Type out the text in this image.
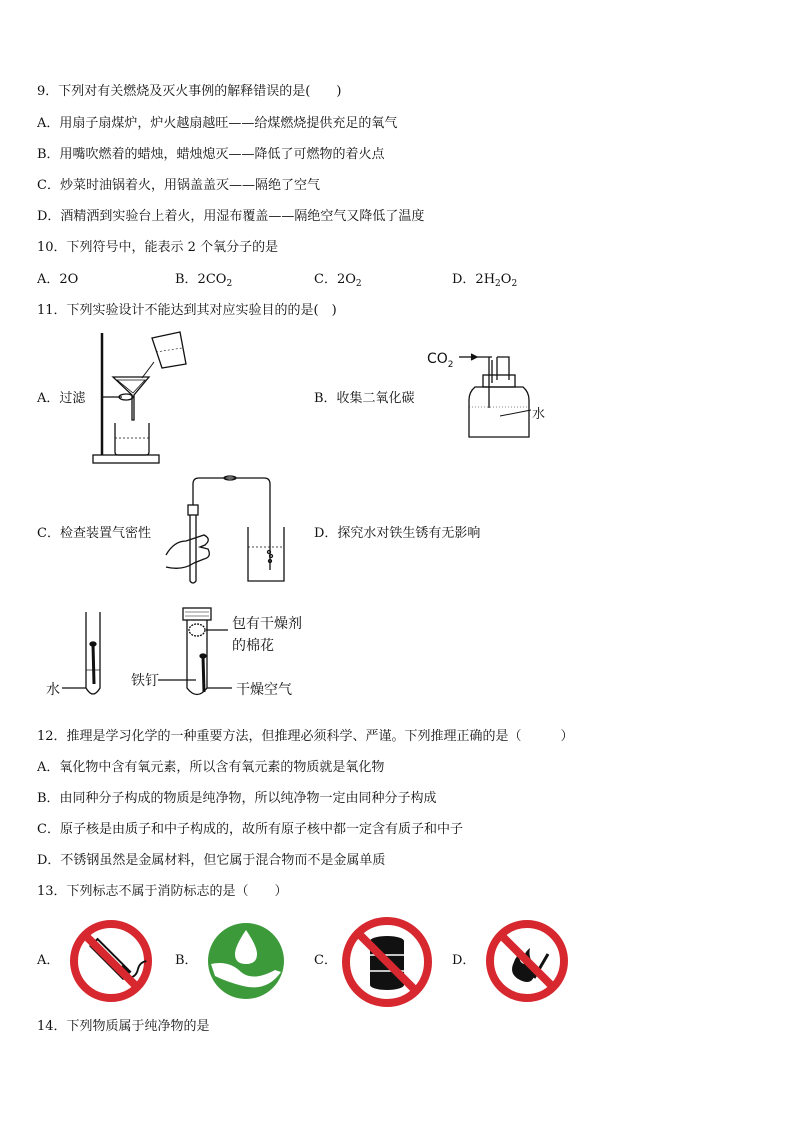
9．下列对有关燃烧及灭火事例的解释错误的是(　　)
A．用扇子扇煤炉，炉火越扇越旺——给煤燃烧提供充足的氧气
B．用嘴吹燃着的蜡烛，蜡烛熄灭——降低了可燃物的着火点
C．炒菜时油锅着火，用锅盖盖灭——隔绝了空气
D．酒精洒到实验台上着火，用湿布覆盖——隔绝空气又降低了温度
10．下列符号中，能表示 2 个氧分子的是
A．2O	B．$2CO_2$	C．$2O_2$	D．$2H_2O_2$
11．下列实验设计不能达到其对应实验目的的是(　)
A．过滤	B．收集二氧化碳
C．检查装置气密性	D．探究水对铁生锈有无影响
$CO_2$
水
水
铁钉
包有干燥剂
的棉花
干燥空气
12．推理是学习化学的一种重要方法，但推理必须科学、严谨。下列推理正确的是（　　　）
A．氧化物中含有氧元素，所以含有氧元素的物质就是氧化物
B．由同种分子构成的物质是纯净物，所以纯净物一定由同种分子构成
C．原子核是由质子和中子构成的，故所有原子核中都一定含有质子和中子
D．不锈钢虽然是金属材料，但它属于混合物而不是金属单质
13．下列标志不属于消防标志的是（　　）
A．	B．	C．	D．
14．下列物质属于纯净物的是
